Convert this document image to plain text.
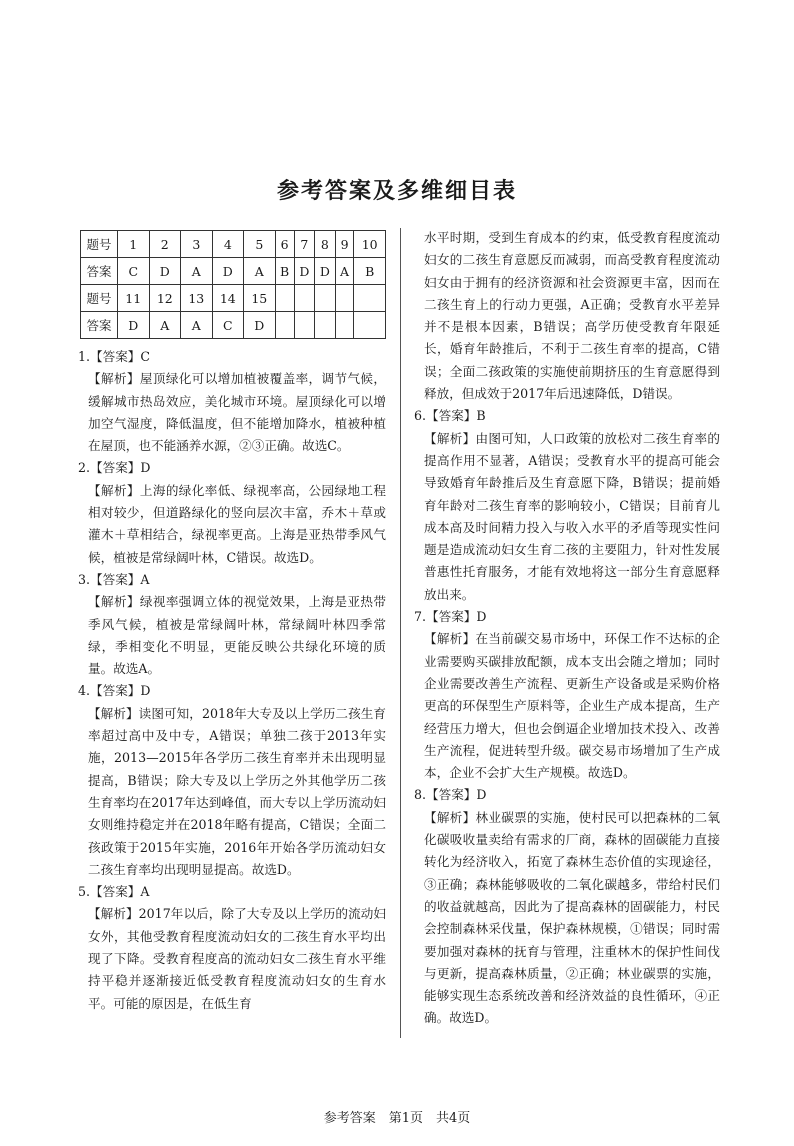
参考答案及多维细目表
题号	1	2	3	4	5	6	7	8	9	10
答案	C	D	A	D	A	B	D	D	A	B
题号	11	12	13	14	15					
答案	D	A	A	C	D					

1.【答案】C

【解析】屋顶绿化可以增加植被覆盖率，调节气候，缓解城市热岛效应，美化城市环境。屋顶绿化可以增加空气湿度，降低温度，但不能增加降水，植被种植在屋顶，也不能涵养水源，②③正确。故选C。

2.【答案】D

【解析】上海的绿化率低、绿视率高，公园绿地工程相对较少，但道路绿化的竖向层次丰富，乔木＋草或灌木＋草相结合，绿视率更高。上海是亚热带季风气候，植被是常绿阔叶林，C错误。故选D。

3.【答案】A

【解析】绿视率强调立体的视觉效果，上海是亚热带季风气候，植被是常绿阔叶林，常绿阔叶林四季常绿，季相变化不明显，更能反映公共绿化环境的质量。故选A。

4.【答案】D

【解析】读图可知，2018年大专及以上学历二孩生育率超过高中及中专，A错误；单独二孩于2013年实施，2013—2015年各学历二孩生育率并未出现明显提高，B错误；除大专及以上学历之外其他学历二孩生育率均在2017年达到峰值，而大专以上学历流动妇女则维持稳定并在2018年略有提高，C错误；全面二孩政策于2015年实施，2016年开始各学历流动妇女二孩生育率均出现明显提高。故选D。

5.【答案】A

【解析】2017年以后，除了大专及以上学历的流动妇女外，其他受教育程度流动妇女的二孩生育水平均出现了下降。受教育程度高的流动妇女二孩生育水平维持平稳并逐渐接近低受教育程度流动妇女的生育水平。可能的原因是，在低生育

水平时期，受到生育成本的约束，低受教育程度流动妇女的二孩生育意愿反而减弱，而高受教育程度流动妇女由于拥有的经济资源和社会资源更丰富，因而在二孩生育上的行动力更强，A正确；受教育水平差异并不是根本因素，B错误；高学历使受教育年限延长，婚育年龄推后，不利于二孩生育率的提高，C错误；全面二孩政策的实施使前期挤压的生育意愿得到释放，但成效于2017年后迅速降低，D错误。

6.【答案】B

【解析】由图可知，人口政策的放松对二孩生育率的提高作用不显著，A错误；受教育水平的提高可能会导致婚育年龄推后及生育意愿下降，B错误；提前婚育年龄对二孩生育率的影响较小，C错误；目前育儿成本高及时间精力投入与收入水平的矛盾等现实性问题是造成流动妇女生育二孩的主要阻力，针对性发展普惠性托育服务，才能有效地将这一部分生育意愿释放出来。

7.【答案】D

【解析】在当前碳交易市场中，环保工作不达标的企业需要购买碳排放配额，成本支出会随之增加；同时企业需要改善生产流程、更新生产设备或是采购价格更高的环保型生产原料等，企业生产成本提高，生产经营压力增大，但也会倒逼企业增加技术投入、改善生产流程，促进转型升级。碳交易市场增加了生产成本，企业不会扩大生产规模。故选D。

8.【答案】D

【解析】林业碳票的实施，使村民可以把森林的二氧化碳吸收量卖给有需求的厂商，森林的固碳能力直接转化为经济收入，拓宽了森林生态价值的实现途径，③正确；森林能够吸收的二氧化碳越多，带给村民们的收益就越高，因此为了提高森林的固碳能力，村民会控制森林采伐量，保护森林规模，①错误；同时需要加强对森林的抚育与管理，注重林木的保护性间伐与更新，提高森林质量，②正确；林业碳票的实施，能够实现生态系统改善和经济效益的良性循环，④正确。故选D。

参考答案　第1页　共4页
